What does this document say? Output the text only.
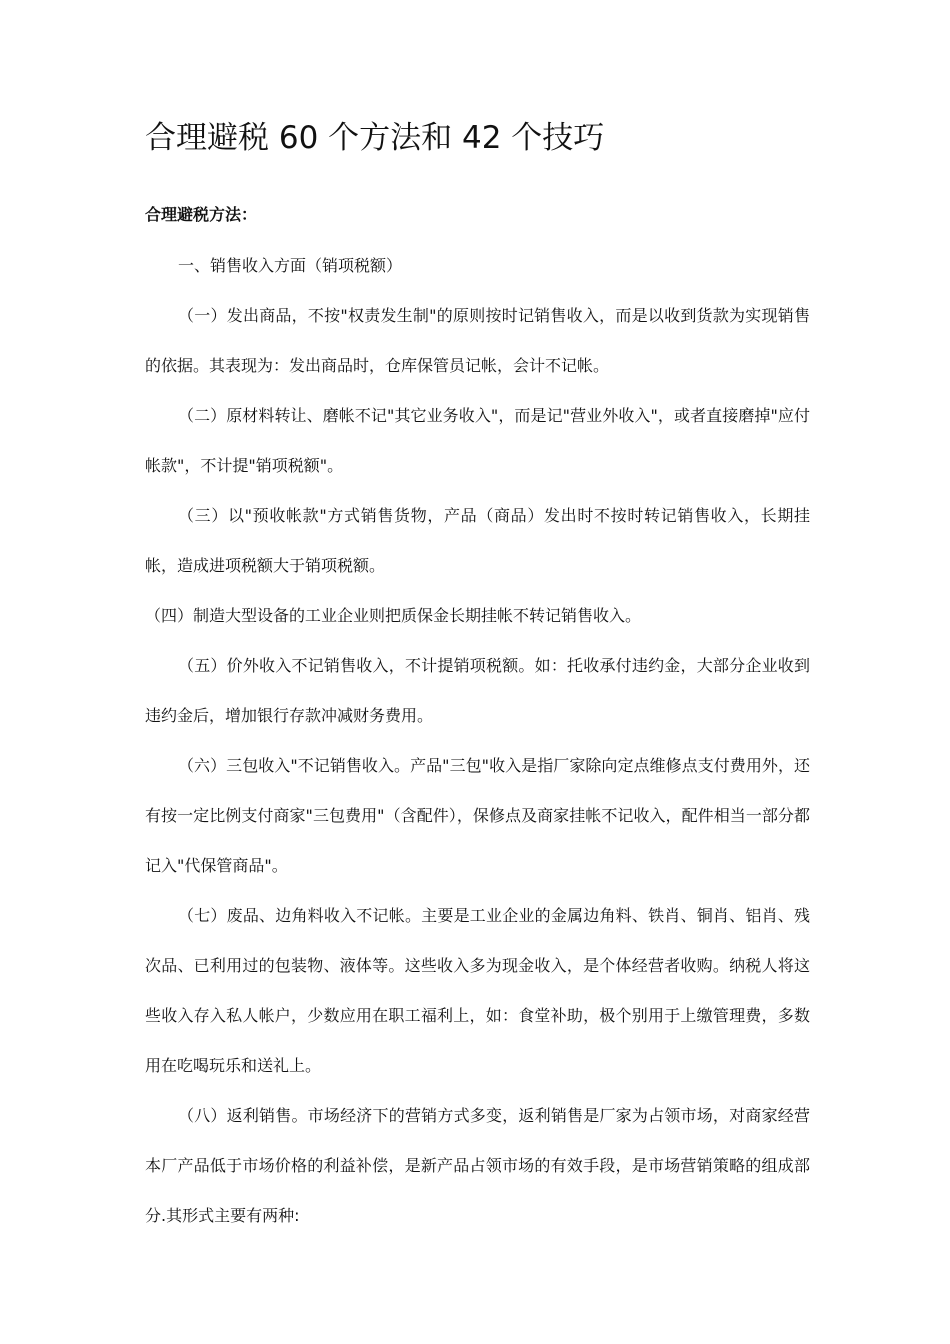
合理避税 60 个方法和 42 个技巧
合理避税方法：

一、销售收入方面（销项税额）

（一）发出商品，不按"权责发生制"的原则按时记销售收入，而是以收到货款为实现销售的依据。其表现为：发出商品时，仓库保管员记帐，会计不记帐。

（二）原材料转让、磨帐不记"其它业务收入"，而是记"营业外收入"，或者直接磨掉"应付帐款"，不计提"销项税额"。

（三）以"预收帐款"方式销售货物，产品（商品）发出时不按时转记销售收入，长期挂帐，造成进项税额大于销项税额。

（四）制造大型设备的工业企业则把质保金长期挂帐不转记销售收入。

（五）价外收入不记销售收入，不计提销项税额。如：托收承付违约金，大部分企业收到违约金后，增加银行存款冲减财务费用。

（六）三包收入"不记销售收入。产品"三包"收入是指厂家除向定点维修点支付费用外，还有按一定比例支付商家"三包费用"（含配件），保修点及商家挂帐不记收入，配件相当一部分都记入"代保管商品"。

（七）废品、边角料收入不记帐。主要是工业企业的金属边角料、铁肖、铜肖、铝肖、残次品、已利用过的包装物、液体等。这些收入多为现金收入，是个体经营者收购。纳税人将这些收入存入私人帐户，少数应用在职工福利上，如：食堂补助，极个别用于上缴管理费，多数用在吃喝玩乐和送礼上。

（八）返利销售。市场经济下的营销方式多变，返利销售是厂家为占领市场，对商家经营本厂产品低于市场价格的利益补偿，是新产品占领市场的有效手段，是市场营销策略的组成部分.其形式主要有两种:
